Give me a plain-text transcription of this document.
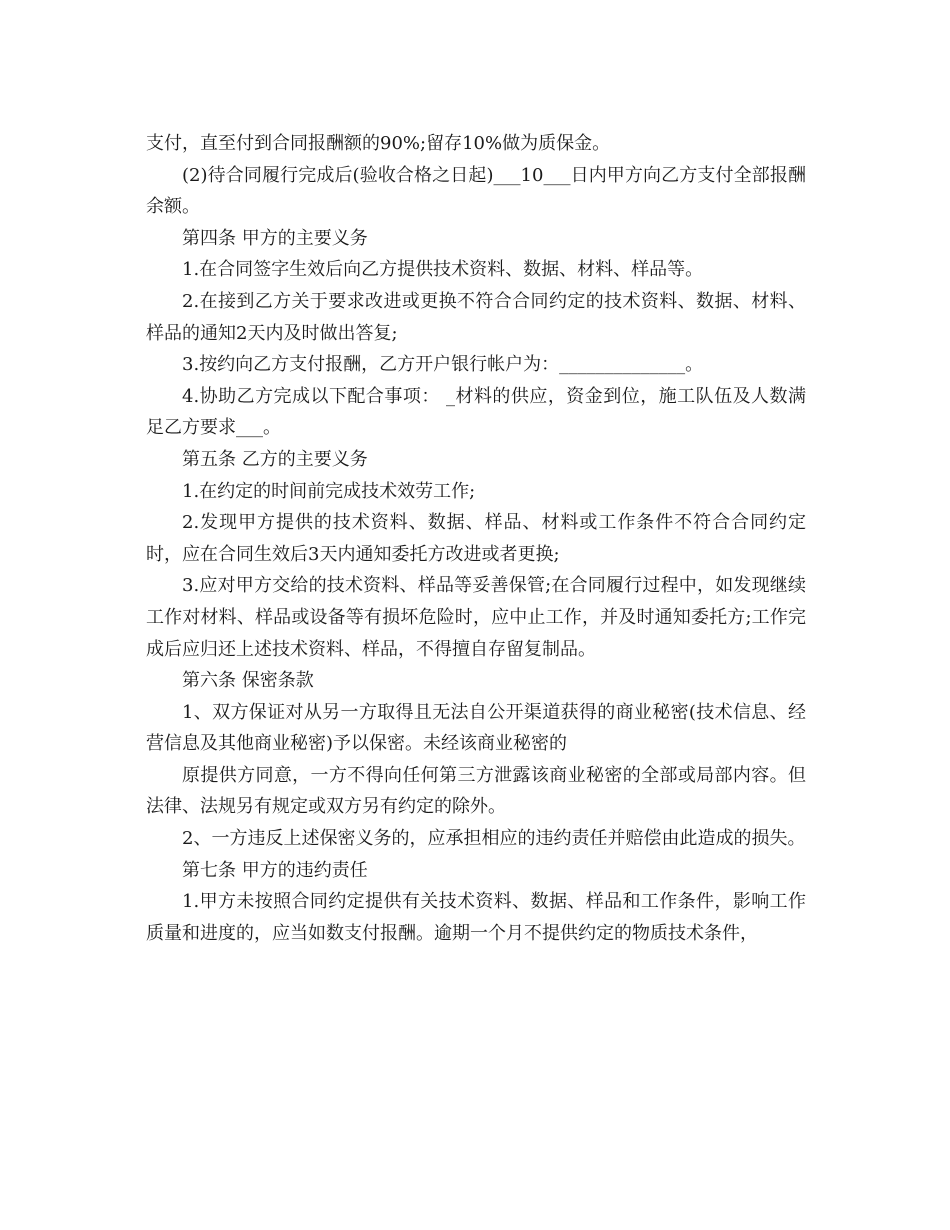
支付，直至付到合同报酬额的90%;留存10%做为质保金。

(2)待合同履行完成后(验收合格之日起)___10___日内甲方向乙方支付全部报酬余额。

第四条 甲方的主要义务

1.在合同签字生效后向乙方提供技术资料、数据、材料、样品等。

2.在接到乙方关于要求改进或更换不符合合同约定的技术资料、数据、材料、样品的通知2天内及时做出答复;

3.按约向乙方支付报酬，乙方开户银行帐户为：______________。

4.协助乙方完成以下配合事项： _材料的供应，资金到位，施工队伍及人数满足乙方要求___。

第五条 乙方的主要义务

1.在约定的时间前完成技术效劳工作;

2.发现甲方提供的技术资料、数据、样品、材料或工作条件不符合合同约定时，应在合同生效后3天内通知委托方改进或者更换;

3.应对甲方交给的技术资料、样品等妥善保管;在合同履行过程中，如发现继续工作对材料、样品或设备等有损坏危险时，应中止工作，并及时通知委托方;工作完成后应归还上述技术资料、样品，不得擅自存留复制品。

第六条 保密条款

1、双方保证对从另一方取得且无法自公开渠道获得的商业秘密(技术信息、经营信息及其他商业秘密)予以保密。未经该商业秘密的

原提供方同意，一方不得向任何第三方泄露该商业秘密的全部或局部内容。但法律、法规另有规定或双方另有约定的除外。

2、一方违反上述保密义务的，应承担相应的违约责任并赔偿由此造成的损失。

第七条 甲方的违约责任

1.甲方未按照合同约定提供有关技术资料、数据、样品和工作条件，影响工作质量和进度的，应当如数支付报酬。逾期一个月不提供约定的物质技术条件，
